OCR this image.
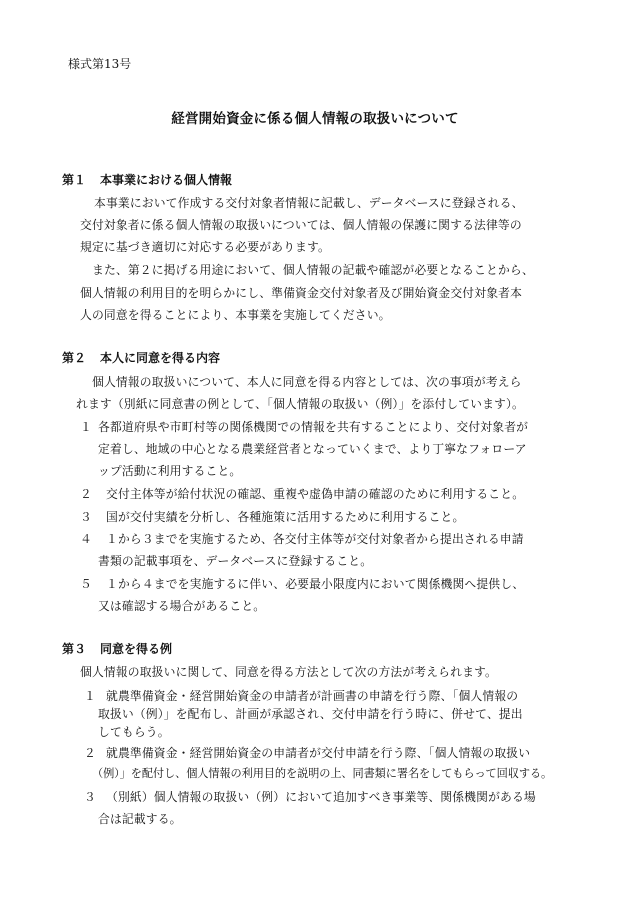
様式第13号
経営開始資金に係る個人情報の取扱いについて
第１ 本事業における個人情報
本事業において作成する交付対象者情報に記載し、データベースに登録される、
交付対象者に係る個人情報の取扱いについては、個人情報の保護に関する法律等の
規定に基づき適切に対応する必要があります。
また、第２に掲げる用途において、個人情報の記載や確認が必要となることから、
個人情報の利用目的を明らかにし、準備資金交付対象者及び開始資金交付対象者本
人の同意を得ることにより、本事業を実施してください。
第２ 本人に同意を得る内容
個人情報の取扱いについて、本人に同意を得る内容としては、次の事項が考えら
れます（別紙に同意書の例として、「個人情報の取扱い（例）」を添付しています）。
１ 各都道府県や市町村等の関係機関での情報を共有することにより、交付対象者が
定着し、地域の中心となる農業経営者となっていくまで、より丁寧なフォローア
ップ活動に利用すること。
２ 交付主体等が給付状況の確認、重複や虚偽申請の確認のために利用すること。
３ 国が交付実績を分析し、各種施策に活用するために利用すること。
４ １から３までを実施するため、各交付主体等が交付対象者から提出される申請
書類の記載事項を、データベースに登録すること。
５ １から４までを実施するに伴い、必要最小限度内において関係機関へ提供し、
又は確認する場合があること。
第３ 同意を得る例
個人情報の取扱いに関して、同意を得る方法として次の方法が考えられます。
１ 就農準備資金・経営開始資金の申請者が計画書の申請を行う際、「個人情報の
取扱い（例）」を配布し、計画が承認され、交付申請を行う時に、併せて、提出
してもらう。
２ 就農準備資金・経営開始資金の申請者が交付申請を行う際、「個人情報の取扱い
（例）」を配付し、個人情報の利用目的を説明の上、同書類に署名をしてもらって回収する。
３ （別紙）個人情報の取扱い（例）において追加すべき事業等、関係機関がある場
合は記載する。
